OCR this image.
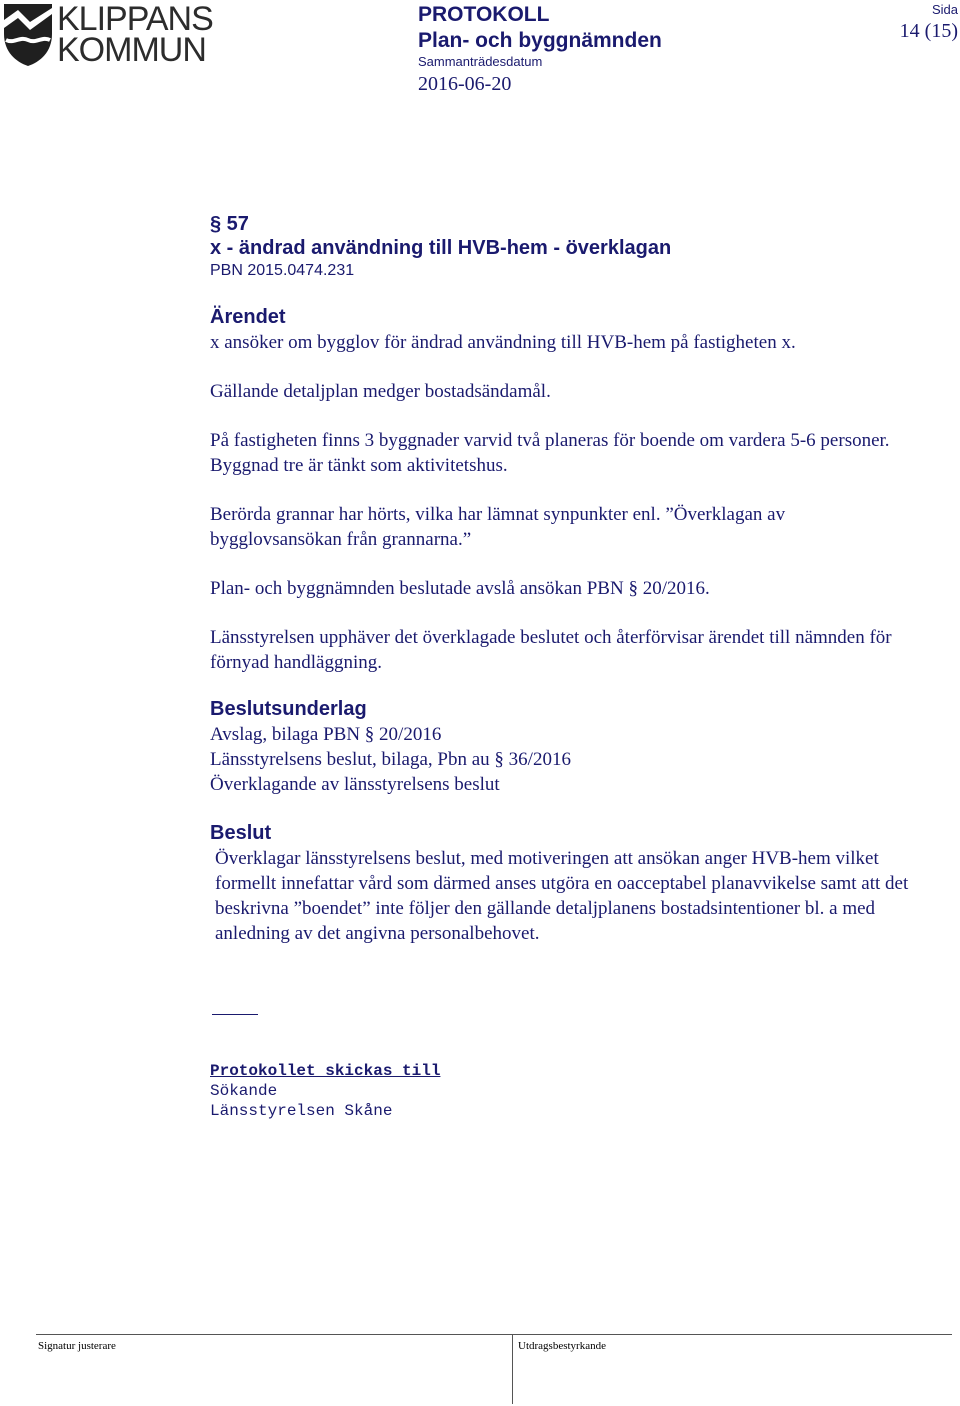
KLIPPANS
KOMMUN
PROTOKOLL
Plan- och byggnämnden
Sammanträdesdatum
2016-06-20
Sida
14 (15)
§ 57
x - ändrad användning till HVB-hem - överklagan
PBN 2015.0474.231
Ärendet

x ansöker om bygglov för ändrad användning till HVB-hem på fastigheten x.

Gällande detaljplan medger bostadsändamål.

På fastigheten finns 3 byggnader varvid två planeras för boende om vardera 5-6 personer. Byggnad tre är tänkt som aktivitetshus.

Berörda grannar har hörts, vilka har lämnat synpunkter enl. ”Överklagan av bygglovsansökan från grannarna.”

Plan- och byggnämnden beslutade avslå ansökan PBN § 20/2016.

Länsstyrelsen upphäver det överklagade beslutet och återförvisar ärendet till nämnden för förnyad handläggning.

Beslutsunderlag

Avslag, bilaga PBN § 20/2016

Länsstyrelsens beslut, bilaga, Pbn au § 36/2016

Överklagande av länsstyrelsens beslut

Beslut

Överklagar länsstyrelsens beslut, med motiveringen att ansökan anger HVB-hem vilket formellt innefattar vård som därmed anses utgöra en oacceptabel planavvikelse samt att det beskrivna ”boendet” inte följer den gällande detaljplanens bostadsintentioner bl. a med anledning av det angivna personalbehovet.

Protokollet skickas till
Sökande
Länsstyrelsen Skåne
Signatur justerare	Utdragsbestyrkande
